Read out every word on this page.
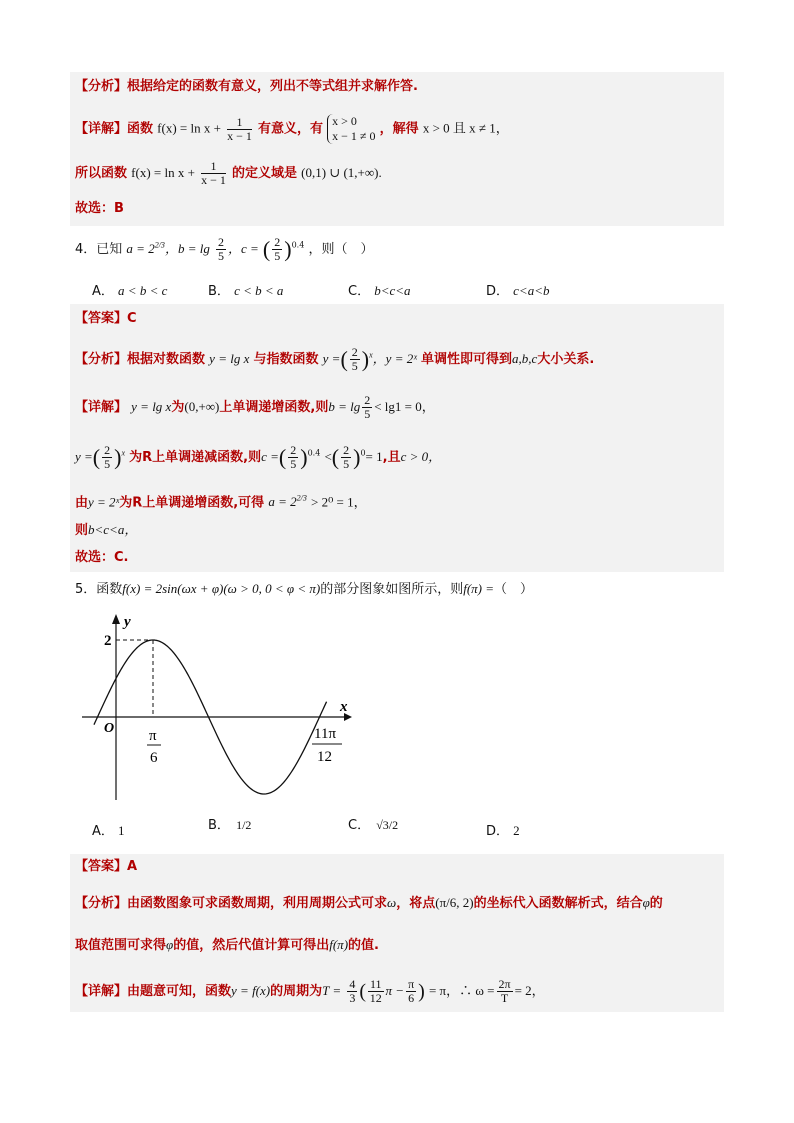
【分析】根据给定的函数有意义，列出不等式组并求解作答.
【详解】函数 $f(x) = \ln x + \frac{1}{x - 1}$ 有意义，有
x > 0
x − 1 ≠ 0 ，解得 x > 0 且 x ≠ 1，
所以函数 $f(x) = \ln x + \frac{1}{x - 1}$ 的定义域是 (0,1) ∪ (1,+∞).
故选：B
4．已知 $a = 2^{2/3}$，$b = \lg \frac{2}{5}$ ，c = ( $\frac{2}{5} )^{0.4}$ ，则（　）
A． a < b < c	B． c < b < a	C． b<c<a	D． c<a<b
【答案】C
【分析】根据对数函数 y = lg x 与指数函数 y =( $\frac{2}{5} )^x$，y = 2ˣ 单调性即可得到a,b,c大小关系.
【详解】 y = lg x为(0,+∞)上单调递增函数,则$b = \lg \frac{2}{5} < \lg 1 = 0$，
y =( $\frac{2}{5} )^x$ 为R上单调递减函数,则c =( $\frac{2}{5} )^{0.4}$ <( $\frac{2}{5} )^0= 1$,且c > 0，
由y = 2ˣ为R上单调递增函数,可得 $a = 2^{2/3} > 2^0 = 1$，
则b<c<a，
故选：C.
5．函数f(x) = 2sin(ωx + φ)(ω > 0, 0 < φ < π)的部分图象如图所示，则f(π) =（　）
y
x
O
2
π
6
11π
12
A． 1	B． 1/2	C． √3/2	D． 2
【答案】A
【分析】由函数图象可求函数周期，利用周期公式可求ω，将点(π/6, 2)的坐标代入函数解析式，结合φ的
取值范围可求得φ的值，然后代值计算可得出f(π)的值.
【详解】由题意可知，函数y = f(x)的周期为$T = \frac{4}{3}$ ( $\frac{11}{12}$ $\pi - \frac{\pi}{6}$ ) = π，∴ $\omega = \frac{2\pi}{T} = 2$，
